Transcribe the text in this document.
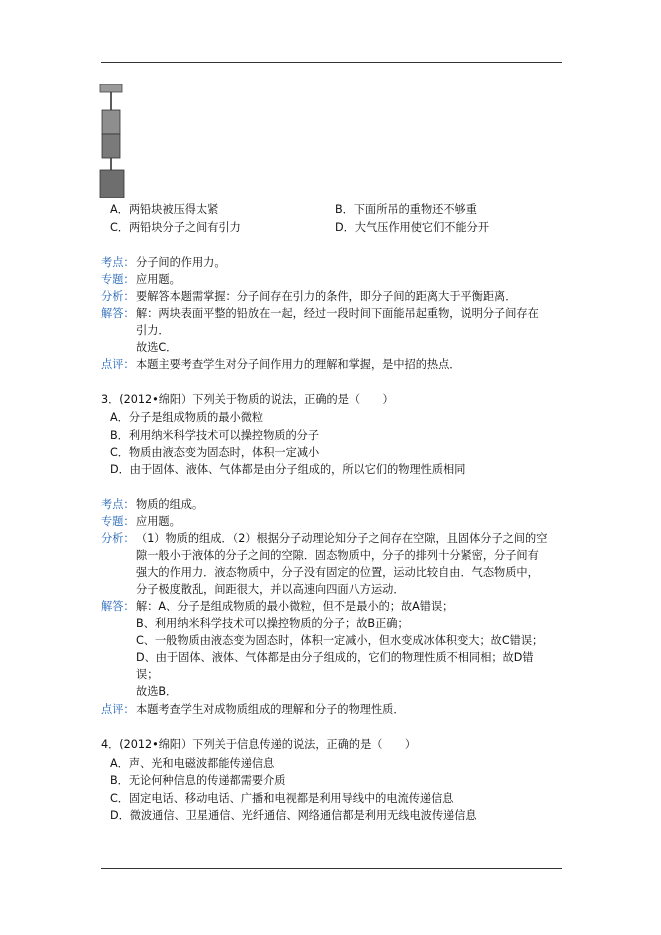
A．两铅块被压得太紧	B．下面所吊的重物还不够重
C．两铅块分子之间有引力	D．大气压作用使它们不能分开
考点： 分子间的作用力。
专题： 应用题。
分析： 要解答本题需掌握：分子间存在引力的条件，即分子间的距离大于平衡距离．
解答： 解：两块表面平整的铅放在一起，经过一段时间下面能吊起重物，说明分子间存在
引力．
故选C．
点评： 本题主要考查学生对分子间作用力的理解和掌握，是中招的热点．
3．(2012•绵阳）下列关于物质的说法，正确的是（　　）
A．分子是组成物质的最小微粒
B．利用纳米科学技术可以操控物质的分子
C．物质由液态变为固态时，体积一定减小
D．由于固体、液体、气体都是由分子组成的，所以它们的物理性质相同
考点： 物质的组成。
专题： 应用题。
分析： （1）物质的组成．（2）根据分子动理论知分子之间存在空隙，且固体分子之间的空
隙一般小于液体的分子之间的空隙．固态物质中，分子的排列十分紧密，分子间有
强大的作用力．液态物质中，分子没有固定的位置，运动比较自由．气态物质中，
分子极度散乱，间距很大，并以高速向四面八方运动．
解答： 解：A、分子是组成物质的最小微粒，但不是最小的；故A错误；
B、利用纳米科学技术可以操控物质的分子；故B正确；
C、一般物质由液态变为固态时，体积一定减小，但水变成冰体积变大；故C错误；
D、由于固体、液体、气体都是由分子组成的，它们的物理性质不相同相；故D错
误；
故选B．
点评： 本题考查学生对成物质组成的理解和分子的物理性质．
4．(2012•绵阳）下列关于信息传递的说法，正确的是（　　）
A．声、光和电磁波都能传递信息
B．无论何种信息的传递都需要介质
C．固定电话、移动电话、广播和电视都是利用导线中的电流传递信息
D．微波通信、卫星通信、光纤通信、网络通信都是利用无线电波传递信息
